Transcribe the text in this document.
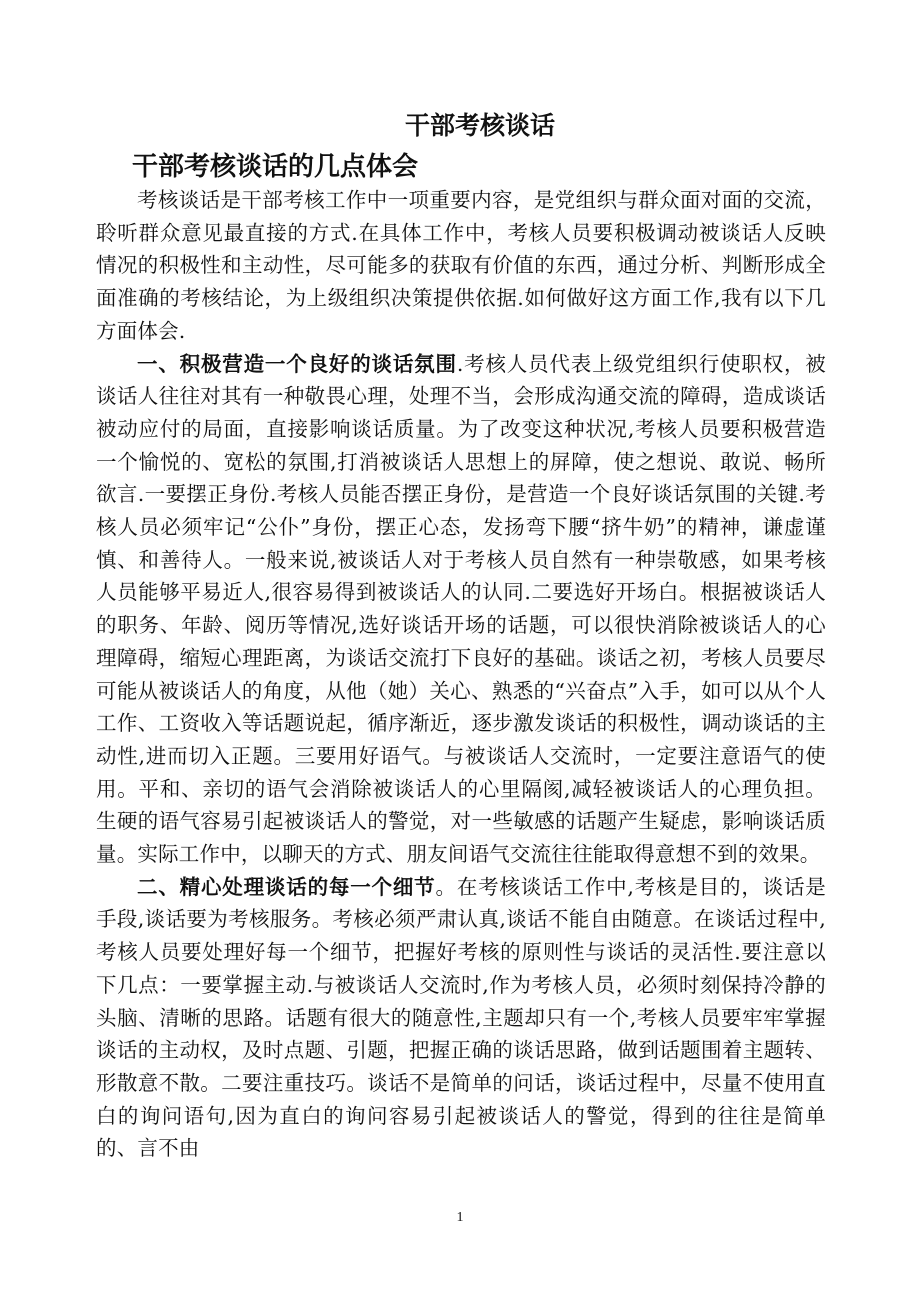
干部考核谈话
干部考核谈话的几点体会

考核谈话是干部考核工作中一项重要内容，是党组织与群众面对面的交流，聆听群众意见最直接的方式.在具体工作中，考核人员要积极调动被谈话人反映情况的积极性和主动性，尽可能多的获取有价值的东西，通过分析、判断形成全面准确的考核结论，为上级组织决策提供依据.如何做好这方面工作,我有以下几方面体会.

一、积极营造一个良好的谈话氛围.考核人员代表上级党组织行使职权，被谈话人往往对其有一种敬畏心理，处理不当，会形成沟通交流的障碍，造成谈话被动应付的局面，直接影响谈话质量。为了改变这种状况,考核人员要积极营造一个愉悦的、宽松的氛围,打消被谈话人思想上的屏障，使之想说、敢说、畅所欲言.一要摆正身份.考核人员能否摆正身份，是营造一个良好谈话氛围的关键.考核人员必须牢记“公仆”身份，摆正心态，发扬弯下腰“挤牛奶”的精神，谦虚谨慎、和善待人。一般来说,被谈话人对于考核人员自然有一种崇敬感，如果考核人员能够平易近人,很容易得到被谈话人的认同.二要选好开场白。根据被谈话人的职务、年龄、阅历等情况,选好谈话开场的话题，可以很快消除被谈话人的心理障碍，缩短心理距离，为谈话交流打下良好的基础。谈话之初，考核人员要尽可能从被谈话人的角度，从他（她）关心、熟悉的“兴奋点”入手，如可以从个人工作、工资收入等话题说起，循序渐近，逐步激发谈话的积极性，调动谈话的主动性,进而切入正题。三要用好语气。与被谈话人交流时，一定要注意语气的使用。平和、亲切的语气会消除被谈话人的心里隔阂,减轻被谈话人的心理负担。生硬的语气容易引起被谈话人的警觉，对一些敏感的话题产生疑虑，影响谈话质量。实际工作中，以聊天的方式、朋友间语气交流往往能取得意想不到的效果。

二、精心处理谈话的每一个细节。在考核谈话工作中,考核是目的，谈话是手段,谈话要为考核服务。考核必须严肃认真,谈话不能自由随意。在谈话过程中,考核人员要处理好每一个细节，把握好考核的原则性与谈话的灵活性.要注意以下几点：一要掌握主动.与被谈话人交流时,作为考核人员，必须时刻保持冷静的头脑、清晰的思路。话题有很大的随意性,主题却只有一个,考核人员要牢牢掌握谈话的主动权，及时点题、引题，把握正确的谈话思路，做到话题围着主题转、形散意不散。二要注重技巧。谈话不是简单的问话，谈话过程中，尽量不使用直白的询问语句,因为直白的询问容易引起被谈话人的警觉，得到的往往是简单的、言不由

1
